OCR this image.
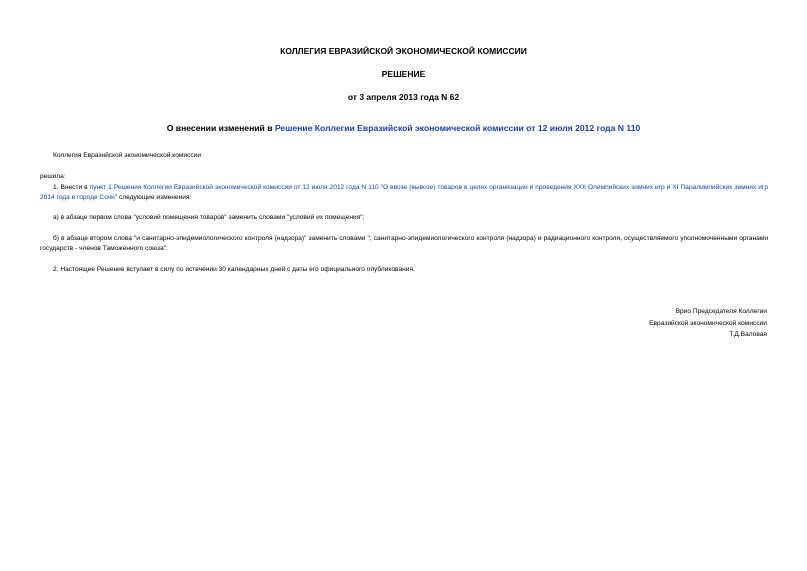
КОЛЛЕГИЯ ЕВРАЗИЙСКОЙ ЭКОНОМИЧЕСКОЙ КОМИССИИ
РЕШЕНИЕ
от 3 апреля 2013 года N 62
О внесении изменений в Решение Коллегии Евразийской экономической комиссии от 12 июля 2012 года N 110
Коллегия Евразийской экономической комиссии
решила:
1. Внести в пункт 1 Решения Коллегии Евразийской экономической комиссии от 12 июля 2012 года N 110 "О ввозе (вывозе) товаров в целях организации и проведения XXII Олимпийских зимних игр и XI Паралимпийских зимних игр 2014 года в городе Сочи" следующие изменения:
а) в абзаце первом слова "условий помещения товаров" заменить словами "условий их помещения";
б) в абзаце втором слова "и санитарно-эпидемиологического контроля (надзора)" заменить словами ", санитарно-эпидемиологического контроля (надзора) и радиационного контроля, осуществляемого уполномоченными органами государств - членов Таможенного союза".
2. Настоящее Решение вступает в силу по истечении 30 календарных дней с даты его официального опубликования.
Врио Председателя Коллегии
Евразийской экономической комиссии
Т.Д.Валовая
